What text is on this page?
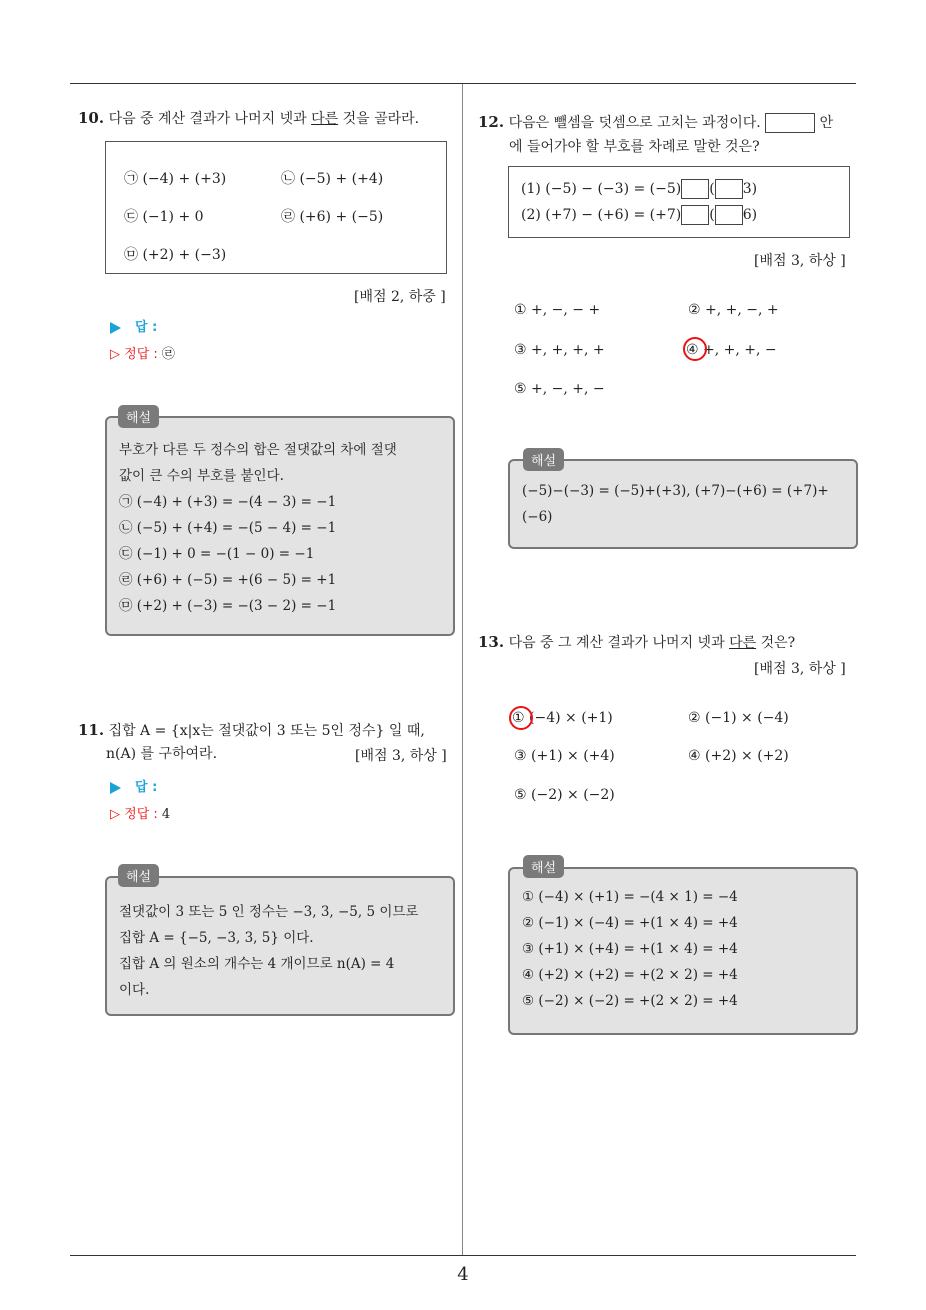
10. 다음 중 계산 결과가 나머지 넷과 다른 것을 골라라.
㉠ (−4) + (+3)	㉡ (−5) + (+4)
㉢ (−1) + 0	㉣ (+6) + (−5)
㉤ (+2) + (−3)
[배점 2, 하중 ]
답 :
▷ 정답 : ㉣
부호가 다른 두 정수의 합은 절댓값의 차에 절댓
값이 큰 수의 부호를 붙인다.
㉠ (−4) + (+3) = −(4 − 3) = −1
㉡ (−5) + (+4) = −(5 − 4) = −1
㉢ (−1) + 0 = −(1 − 0) = −1
㉣ (+6) + (−5) = +(6 − 5) = +1
㉤ (+2) + (−3) = −(3 − 2) = −1
해설
11. 집합 A = {x|x는 절댓값이 3 또는 5인 정수} 일 때,
n(A) 를 구하여라.	[배점 3, 하상 ]
답 :
▷ 정답 : 4
절댓값이 3 또는 5 인 정수는 −3, 3, −5, 5 이므로
집합 A = {−5, −3, 3, 5} 이다.
집합 A 의 원소의 개수는 4 개이므로 n(A) = 4
이다.
해설
12. 다음은 뺄셈을 덧셈으로 고치는 과정이다.	안
에 들어가야 할 부호를 차례로 말한 것은?
(1) (−5) − (−3) = (−5) ( 3)
(2) (+7) − (+6) = (+7) ( 6)
[배점 3, 하상 ]
① +, −, − +	② +, +, −, +
③ +, +, +, +	④ +, +, +, −
⑤ +, −, +, −
(−5)−(−3) = (−5)+(+3), (+7)−(+6) = (+7)+
(−6)
해설
13. 다음 중 그 계산 결과가 나머지 넷과 다른 것은?
[배점 3, 하상 ]
① (−4) × (+1)	② (−1) × (−4)
③ (+1) × (+4)	④ (+2) × (+2)
⑤ (−2) × (−2)
① (−4) × (+1) = −(4 × 1) = −4
② (−1) × (−4) = +(1 × 4) = +4
③ (+1) × (+4) = +(1 × 4) = +4
④ (+2) × (+2) = +(2 × 2) = +4
⑤ (−2) × (−2) = +(2 × 2) = +4
해설
4
